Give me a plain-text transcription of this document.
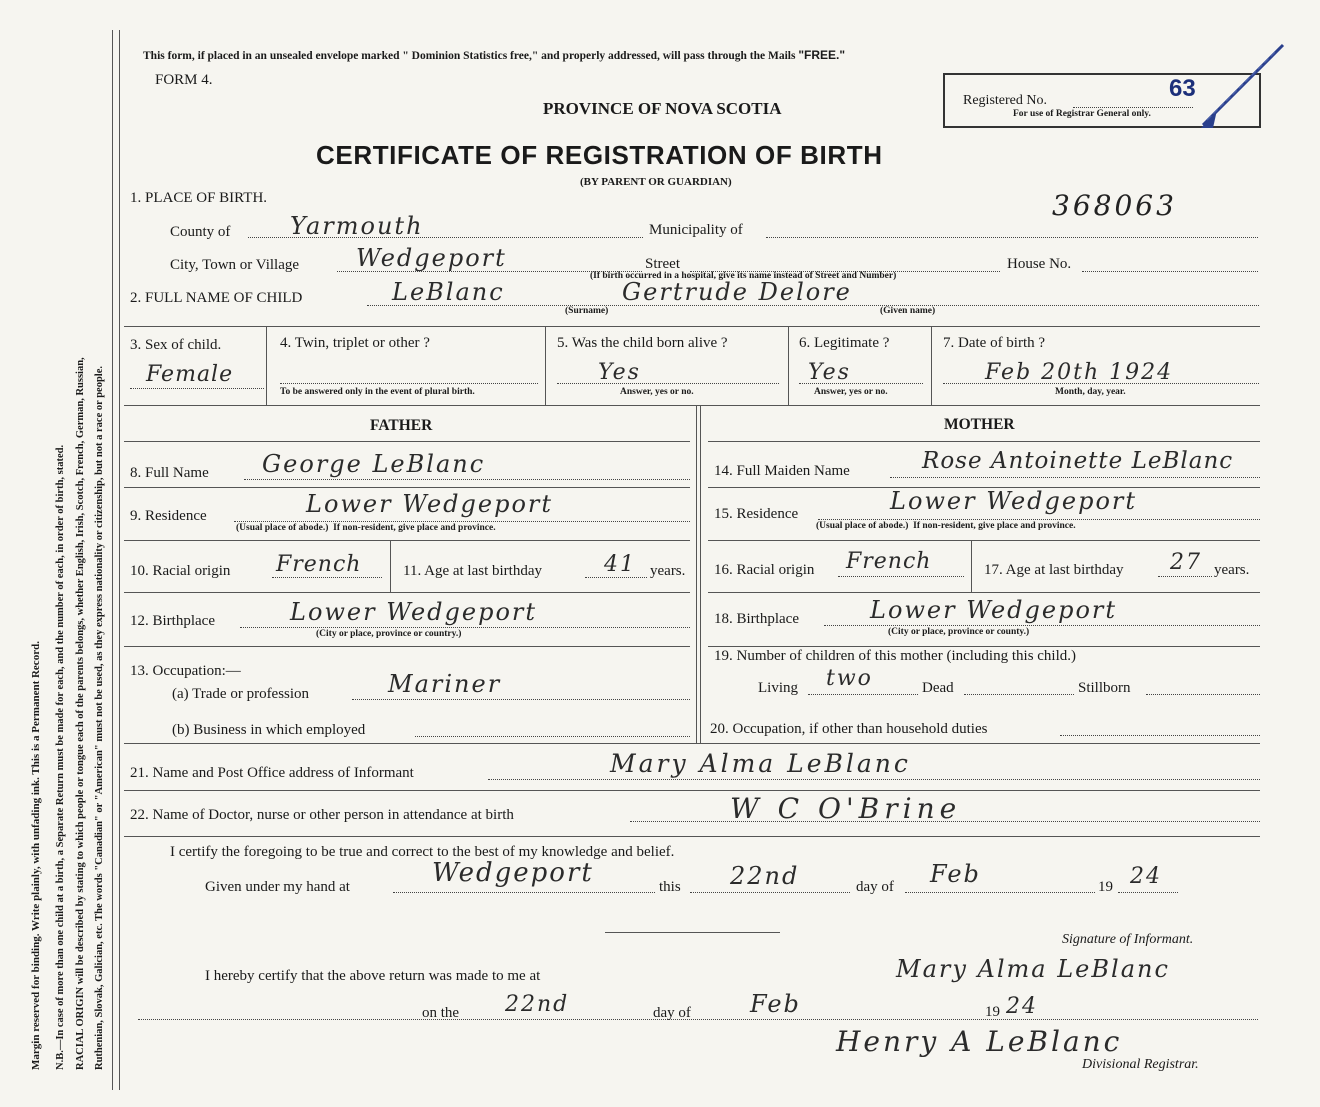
Margin reserved for binding. Write plainly, with unfading ink. This is a Permanent Record. N.B.—In case of more than one child at a birth, a Separate Return must be made for each, and the number of each, in order of birth, stated. RACIAL ORIGIN will be described by stating to which people or tongue each of the parents belongs, whether English, Irish, Scotch, French, German, Russian, Ruthenian, Slovak, Galician, etc. The words "Canadian" or "American" must not be used, as they express nationality or citizenship, but not a race or people.
This form, if placed in an unsealed envelope marked " Dominion Statistics free," and properly addressed, will pass through the Mails "FREE."
FORM 4.
PROVINCE OF NOVA SCOTIA
CERTIFICATE OF REGISTRATION OF BIRTH
(BY PARENT OR GUARDIAN)
Registered No.	63
For use of Registrar General only.
368063
1. PLACE OF BIRTH.
County of Yarmouth	Municipality of
City, Town or Village Wedgeport	Street	House No.
(If birth occurred in a hospital, give its name instead of Street and Number)
2. FULL NAME OF CHILD	LeBlanc	Gertrude Delore
(Surname)	(Given name)
3. Sex of child.
Female
4. Twin, triplet or other ?
To be answered only in the event of plural birth.
5. Was the child born alive ?
Yes
Answer, yes or no.
6. Legitimate ?
Yes
Answer, yes or no.
7. Date of birth ?
Feb 20th 1924
Month, day, year.
FATHER	MOTHER
8. Full Name George LeBlanc
9. Residence	Lower Wedgeport
(Usual place of abode.) If non-resident, give place and province.
10. Racial origin French	11. Age at last birthday	41 years.
12. Birthplace	Lower Wedgeport
(City or place, province or country.)
13. Occupation:—
(a) Trade or profession	Mariner
(b) Business in which employed
14. Full Maiden Name	Rose Antoinette LeBlanc
15. Residence	Lower Wedgeport
(Usual place of abode.) If non-resident, give place and province.
16. Racial origin French	17. Age at last birthday 27 years.
18. Birthplace	Lower Wedgeport
(City or place, province or county.)
19. Number of children of this mother (including this child.)
Living two	Dead	Stillborn
20. Occupation, if other than household duties
21. Name and Post Office address of Informant	Mary Alma LeBlanc
22. Name of Doctor, nurse or other person in attendance at birth	W C O'Brine
I certify the foregoing to be true and correct to the best of my knowledge and belief.
Given under my hand at	Wedgeport	this 22nd	day of Feb	19 24
Signature of Informant.
I hereby certify that the above return was made to me at	Mary Alma LeBlanc
on the 22nd	day of Feb	19 24
Henry A LeBlanc
Divisional Registrar.
